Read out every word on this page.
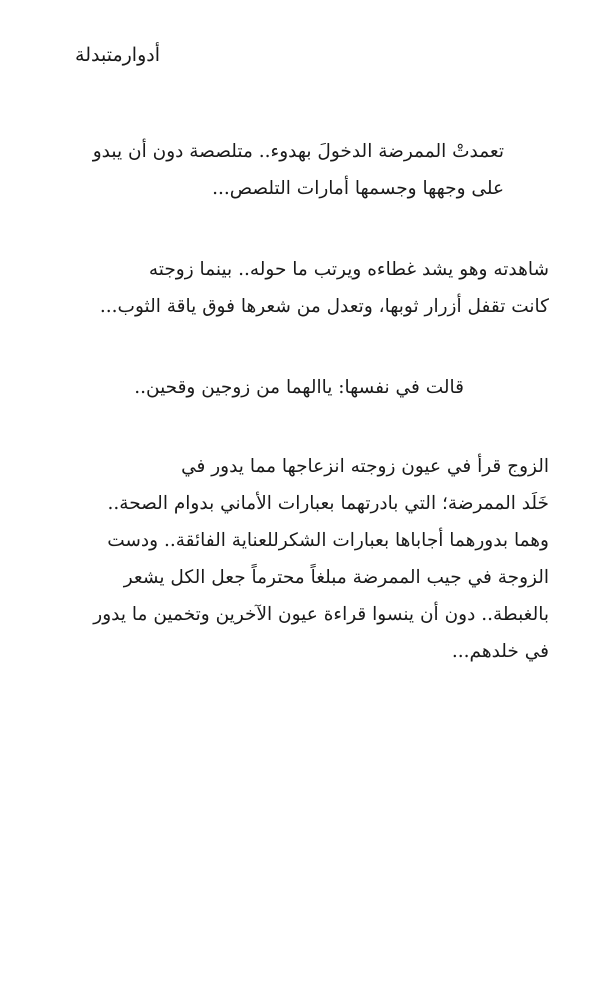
أدوارمتبدلة

تعمدتْ الممرضة الدخولَ بهدوء.. متلصصة دون أن يبدو
على وجهها وجسمها أمارات التلصص...

شاهدته وهو يشد غطاءه ويرتب ما حوله.. بينما زوجته
كانت تقفل أزرار ثوبها، وتعدل من شعرها فوق ياقة الثوب...

قالت في نفسها: ياالهما من زوجين وقحين..

الزوج قرأ في عيون زوجته انزعاجها مما يدور في
خَلَد الممرضة؛ التي بادرتهما بعبارات الأماني بدوام الصحة..
وهما بدورهما أجاباها بعبارات الشكرللعناية الفائقة.. ودست
الزوجة في جيب الممرضة مبلغاً محترماً جعل الكل يشعر
بالغبطة.. دون أن ينسوا قراءة عيون الآخرين وتخمين ما يدور
في خلدهم...
